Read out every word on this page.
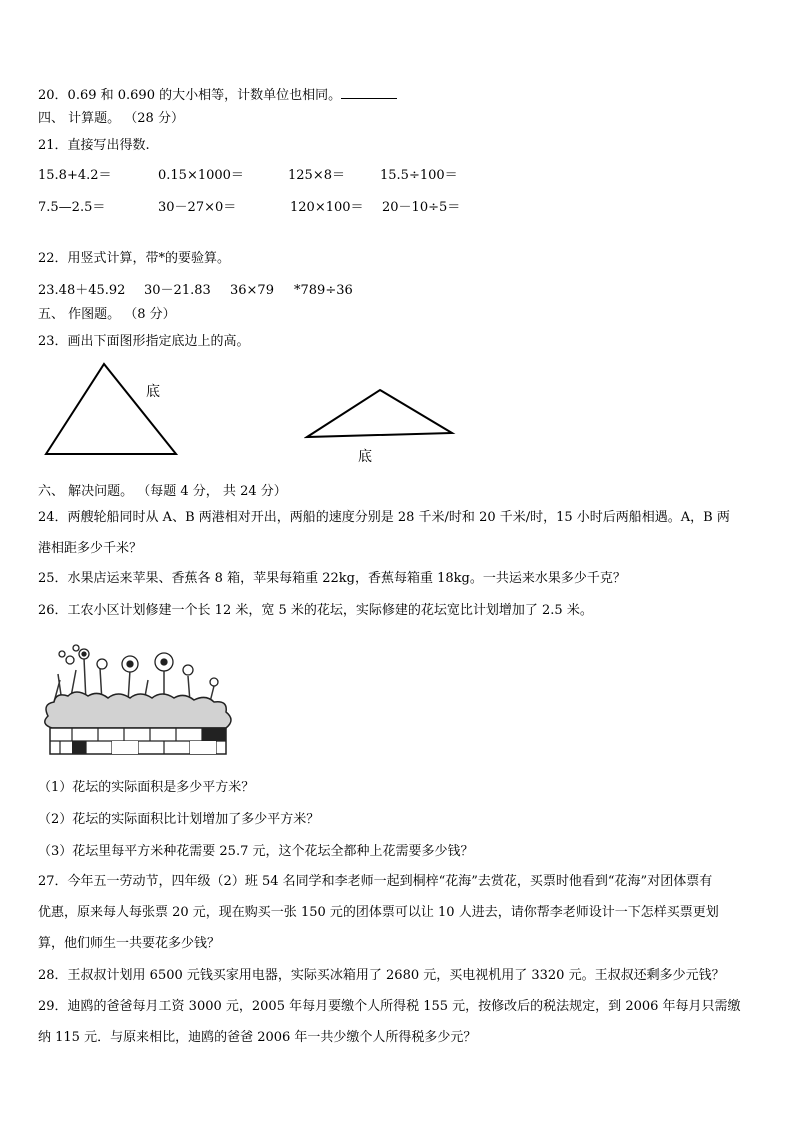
20．0.69 和 0.690 的大小相等，计数单位也相同。
四、 计算题。 （28 分）
21．直接写出得数.
15.8+4.2＝	0.15×1000＝	125×8＝	15.5÷100＝
7.5—2.5＝	30－27×0＝	120×100＝ 20－10÷5＝
22．用竖式计算，带*的要验算。
23.48＋45.92 30－21.83 36×79 *789÷36
五、 作图题。 （8 分）
23．画出下面图形指定底边上的高。
底
底
六、 解决问题。 （每题 4 分， 共 24 分）
24．两艘轮船同时从 A、B 两港相对开出，两船的速度分别是 28 千米/时和 20 千米/时，15 小时后两船相遇。A，B 两
港相距多少千米？
25．水果店运来苹果、香蕉各 8 箱，苹果每箱重 22kg，香蕉每箱重 18kg。一共运来水果多少千克？
26．工农小区计划修建一个长 12 米，宽 5 米的花坛，实际修建的花坛宽比计划增加了 2.5 米。
（1）花坛的实际面积是多少平方米？
（2）花坛的实际面积比计划增加了多少平方米？
（3）花坛里每平方米种花需要 25.7 元，这个花坛全都种上花需要多少钱？
27．今年五一劳动节，四年级（2）班 54 名同学和李老师一起到桐梓“花海”去赏花，买票时他看到“花海”对团体票有
优惠，原来每人每张票 20 元，现在购买一张 150 元的团体票可以让 10 人进去，请你帮李老师设计一下怎样买票更划
算，他们师生一共要花多少钱？
28．王叔叔计划用 6500 元钱买家用电器，实际买冰箱用了 2680 元，买电视机用了 3320 元。王叔叔还剩多少元钱？
29．迪鸥的爸爸每月工资 3000 元，2005 年每月要缴个人所得税 155 元，按修改后的税法规定，到 2006 年每月只需缴
纳 115 元．与原来相比，迪鸥的爸爸 2006 年一共少缴个人所得税多少元？
